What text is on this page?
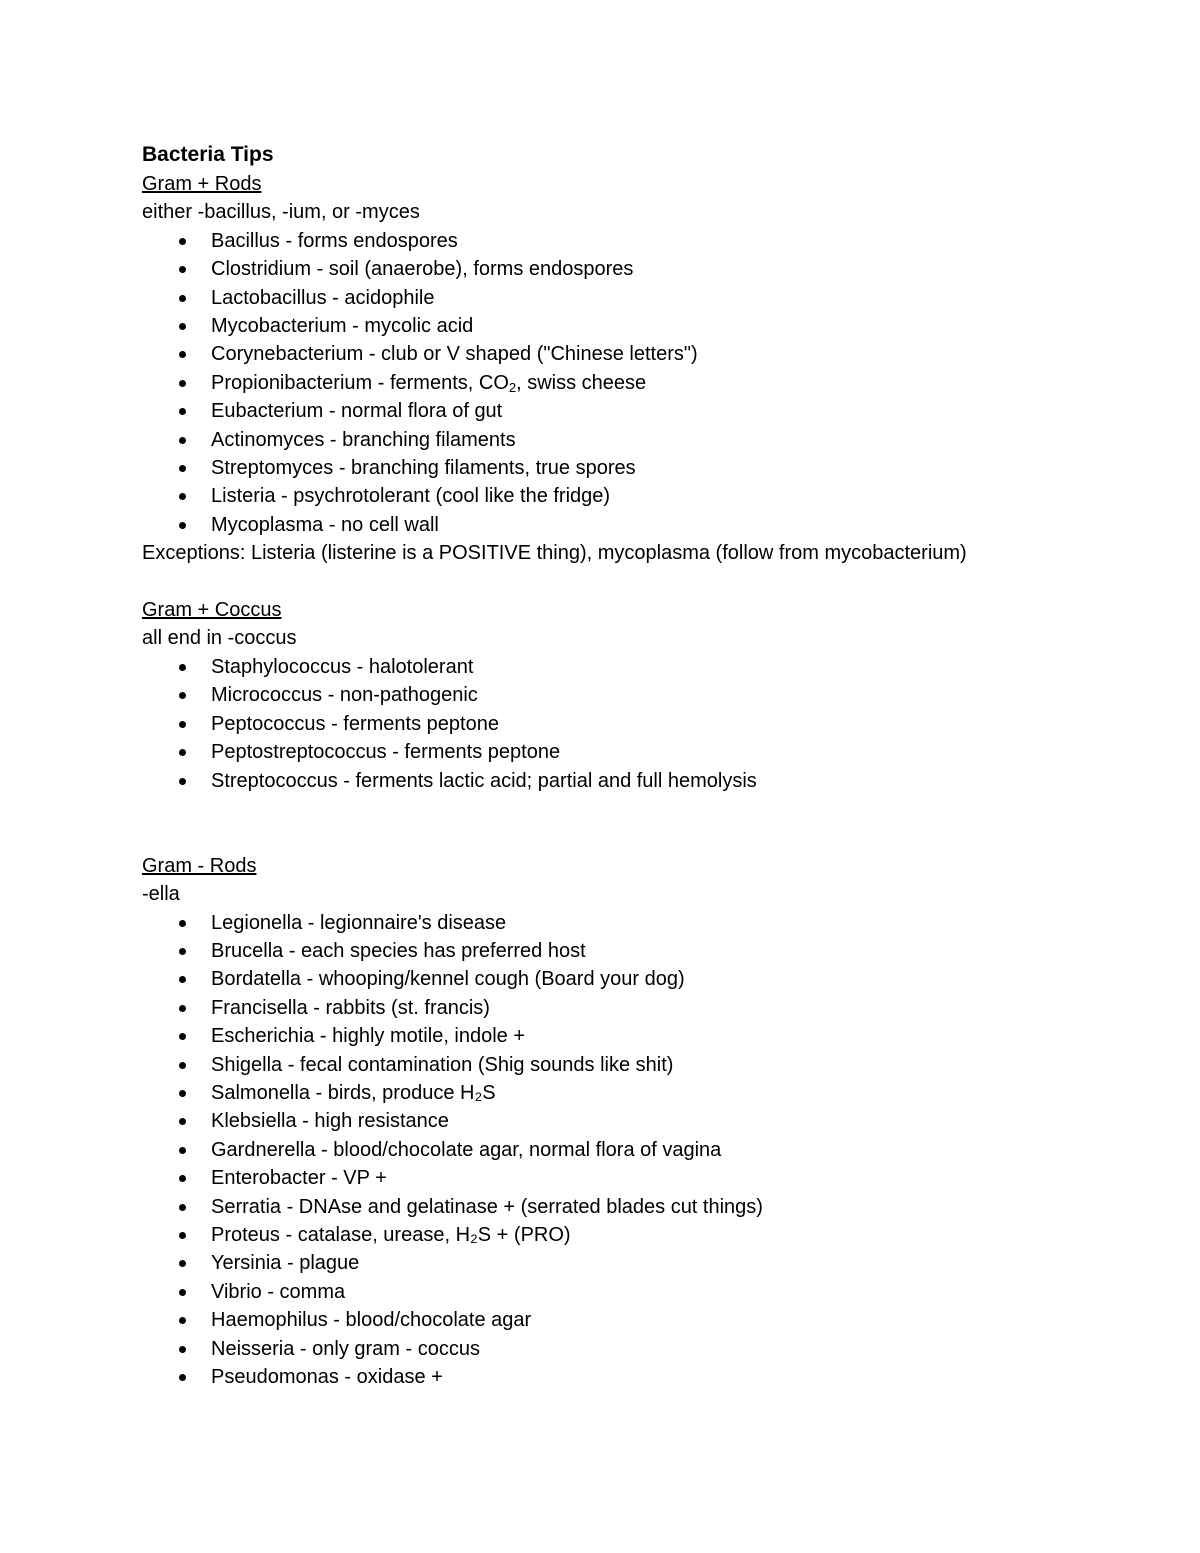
Bacteria Tips

Gram + Rods

either -bacillus, -ium, or -myces

Bacillus - forms endospores
Clostridium - soil (anaerobe), forms endospores
Lactobacillus - acidophile
Mycobacterium - mycolic acid
Corynebacterium - club or V shaped ("Chinese letters")
Propionibacterium - ferments, $CO_2$, swiss cheese
Eubacterium - normal flora of gut
Actinomyces - branching filaments
Streptomyces - branching filaments, true spores
Listeria - psychrotolerant (cool like the fridge)
Mycoplasma - no cell wall

Exceptions: Listeria (listerine is a POSITIVE thing), mycoplasma (follow from mycobacterium)

Gram + Coccus

all end in -coccus

Staphylococcus - halotolerant
Micrococcus - non-pathogenic
Peptococcus - ferments peptone
Peptostreptococcus - ferments peptone
Streptococcus - ferments lactic acid; partial and full hemolysis

Gram - Rods

-ella

Legionella - legionnaire's disease
Brucella - each species has preferred host
Bordatella - whooping/kennel cough (Board your dog)
Francisella - rabbits (st. francis)
Escherichia - highly motile, indole +
Shigella - fecal contamination (Shig sounds like shit)
Salmonella - birds, produce H₂S
Klebsiella - high resistance
Gardnerella - blood/chocolate agar, normal flora of vagina
Enterobacter - VP +
Serratia - DNAse and gelatinase + (serrated blades cut things)
Proteus - catalase, urease, H₂S + (PRO)
Yersinia - plague
Vibrio - comma
Haemophilus - blood/chocolate agar
Neisseria - only gram - coccus
Pseudomonas - oxidase +
